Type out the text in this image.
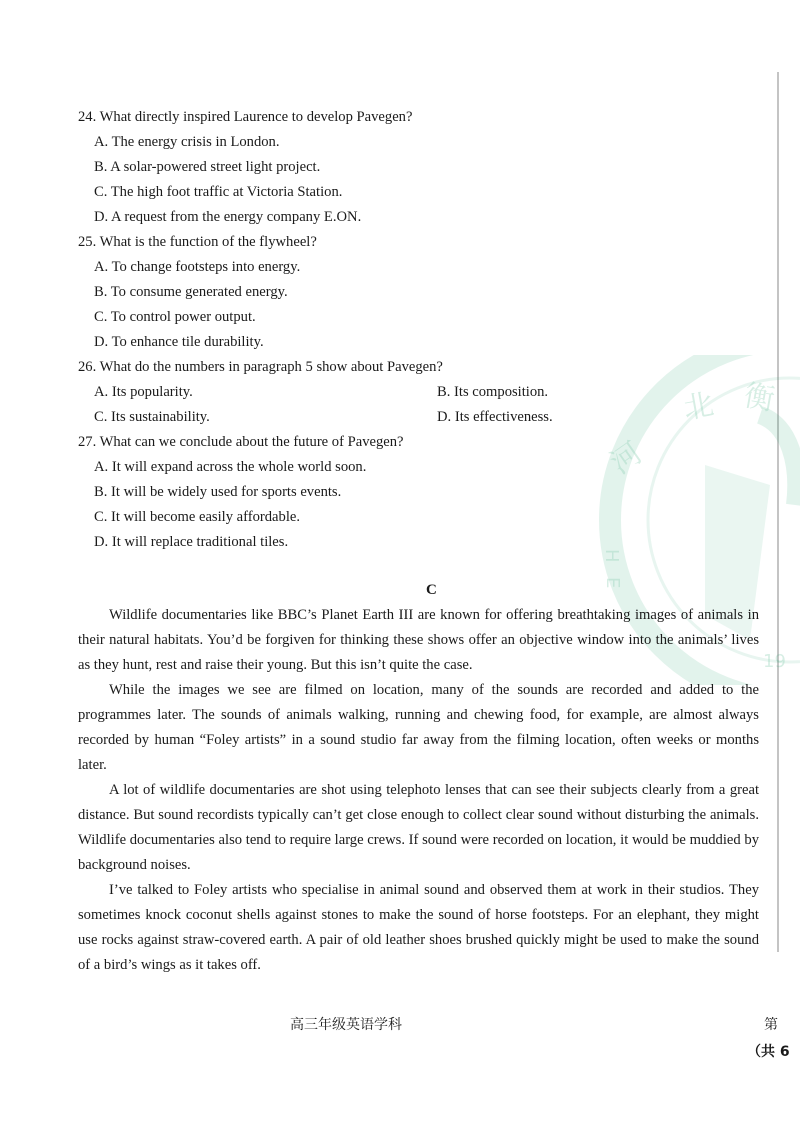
河
北 衡
H
E
19
24. What directly inspired Laurence to develop Pavegen?
A. The energy crisis in London.
B. A solar-powered street light project.
C. The high foot traffic at Victoria Station.
D. A request from the energy company E.ON.
25. What is the function of the flywheel?
A. To change footsteps into energy.
B. To consume generated energy.
C. To control power output.
D. To enhance tile durability.
26. What do the numbers in paragraph 5 show about Pavegen?
A. Its popularity.	B. Its composition.
C. Its sustainability.	D. Its effectiveness.
27. What can we conclude about the future of Pavegen?
A. It will expand across the whole world soon.
B. It will be widely used for sports events.
C. It will become easily affordable.
D. It will replace traditional tiles.
C

Wildlife documentaries like BBC’s Planet Earth III are known for offering breathtaking images of animals in their natural habitats. You’d be forgiven for thinking these shows offer an objective window into the animals’ lives as they hunt, rest and raise their young. But this isn’t quite the case.

While the images we see are filmed on location, many of the sounds are recorded and added to the programmes later. The sounds of animals walking, running and chewing food, for example, are almost always recorded by human “Foley artists” in a sound studio far away from the filming location, often weeks or months later.

A lot of wildlife documentaries are shot using telephoto lenses that can see their subjects clearly from a great distance. But sound recordists typically can’t get close enough to collect clear sound without disturbing the animals. Wildlife documentaries also tend to require large crews. If sound were recorded on location, it would be muddied by background noises.

I’ve talked to Foley artists who specialise in animal sound and observed them at work in their studios. They sometimes knock coconut shells against stones to make the sound of horse footsteps. For an elephant, they might use rocks against straw-covered earth. A pair of old leather shoes brushed quickly might be used to make the sound of a bird’s wings as it takes off.

高三年级英语学科	第
（共 6
